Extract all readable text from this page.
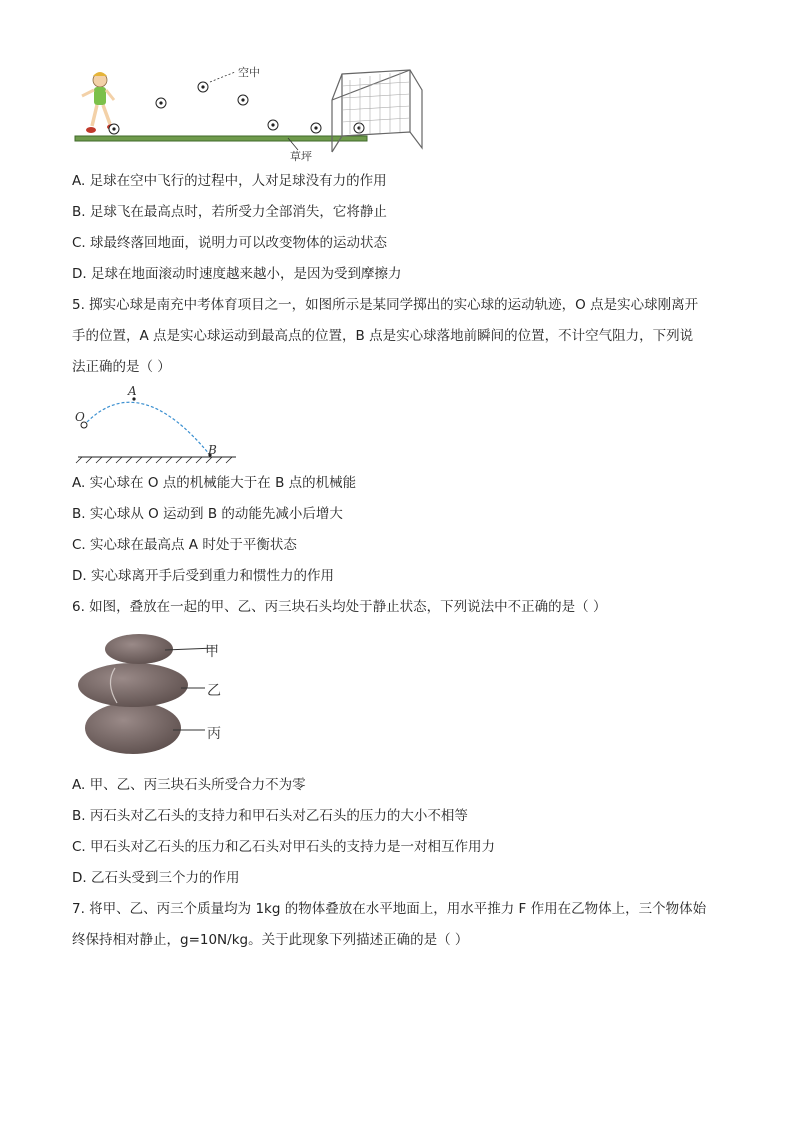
空中
草坪
A. 足球在空中飞行的过程中，人对足球没有力的作用
B. 足球飞在最高点时，若所受力全部消失，它将静止
C. 球最终落回地面，说明力可以改变物体的运动状态
D. 足球在地面滚动时速度越来越小，是因为受到摩擦力
5. 掷实心球是南充中考体育项目之一，如图所示是某同学掷出的实心球的运动轨迹，O 点是实心球刚离开
手的位置，A 点是实心球运动到最高点的位置，B 点是实心球落地前瞬间的位置，不计空气阻力，下列说
法正确的是（ ）
O
A
B
A. 实心球在 O 点的机械能大于在 B 点的机械能
B. 实心球从 O 运动到 B 的动能先减小后增大
C. 实心球在最高点 A 时处于平衡状态
D. 实心球离开手后受到重力和惯性力的作用
6. 如图，叠放在一起的甲、乙、丙三块石头均处于静止状态，下列说法中不正确的是（ ）
甲
乙
丙
A. 甲、乙、丙三块石头所受合力不为零
B. 丙石头对乙石头的支持力和甲石头对乙石头的压力的大小不相等
C. 甲石头对乙石头的压力和乙石头对甲石头的支持力是一对相互作用力
D. 乙石头受到三个力的作用
7. 将甲、乙、丙三个质量均为 1kg 的物体叠放在水平地面上，用水平推力 F 作用在乙物体上，三个物体始
终保持相对静止，g=10N/kg。关于此现象下列描述正确的是（ ）
